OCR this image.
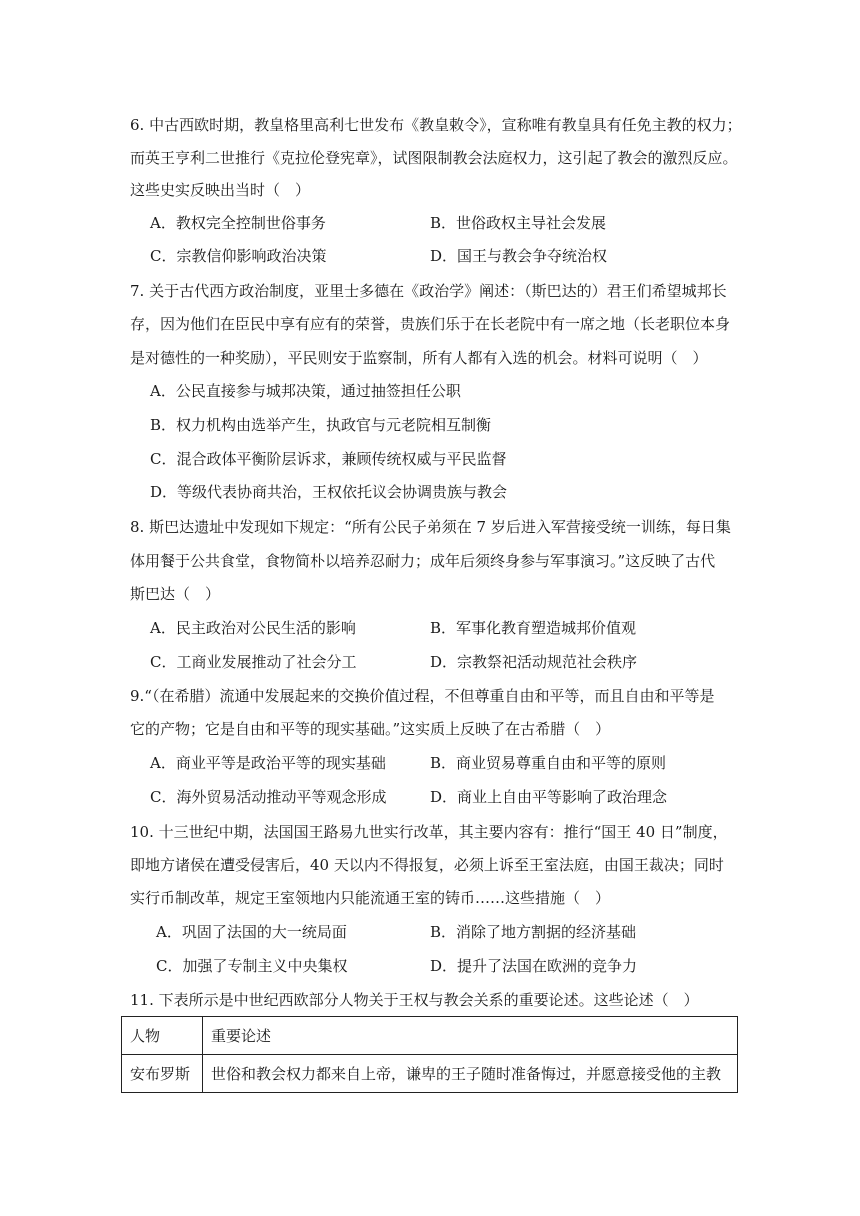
6. 中古西欧时期，教皇格里高利七世发布《教皇敕令》，宣称唯有教皇具有任免主教的权力；
而英王亨利二世推行《克拉伦登宪章》，试图限制教会法庭权力，这引起了教会的激烈反应。
这些史实反映出当时（　）
A．教权完全控制世俗事务	B．世俗政权主导社会发展
C．宗教信仰影响政治决策	D．国王与教会争夺统治权
7. 关于古代西方政治制度，亚里士多德在《政治学》阐述：（斯巴达的）君王们希望城邦长
存，因为他们在臣民中享有应有的荣誉，贵族们乐于在长老院中有一席之地（长老职位本身
是对德性的一种奖励），平民则安于监察制，所有人都有入选的机会。材料可说明（　）
A．公民直接参与城邦决策，通过抽签担任公职
B．权力机构由选举产生，执政官与元老院相互制衡
C．混合政体平衡阶层诉求，兼顾传统权威与平民监督
D．等级代表协商共治，王权依托议会协调贵族与教会
8. 斯巴达遗址中发现如下规定：“所有公民子弟须在 7 岁后进入军营接受统一训练，每日集
体用餐于公共食堂，食物简朴以培养忍耐力；成年后须终身参与军事演习。”这反映了古代
斯巴达（　）
A．民主政治对公民生活的影响	B．军事化教育塑造城邦价值观
C．工商业发展推动了社会分工	D．宗教祭祀活动规范社会秩序
9.“（在希腊）流通中发展起来的交换价值过程，不但尊重自由和平等，而且自由和平等是
它的产物；它是自由和平等的现实基础。”这实质上反映了在古希腊（　）
A．商业平等是政治平等的现实基础	B．商业贸易尊重自由和平等的原则
C．海外贸易活动推动平等观念形成	D．商业上自由平等影响了政治理念
10. 十三世纪中期，法国国王路易九世实行改革，其主要内容有：推行“国王 40 日”制度，
即地方诸侯在遭受侵害后，40 天以内不得报复，必须上诉至王室法庭，由国王裁决；同时
实行币制改革，规定王室领地内只能流通王室的铸币……这些措施（　）
A．巩固了法国的大一统局面	B．消除了地方割据的经济基础
C．加强了专制主义中央集权	D．提升了法国在欧洲的竞争力
11. 下表所示是中世纪西欧部分人物关于王权与教会关系的重要论述。这些论述（　）
人物	重要论述
安布罗斯	世俗和教会权力都来自上帝，谦卑的王子随时准备悔过，并愿意接受他的主教
